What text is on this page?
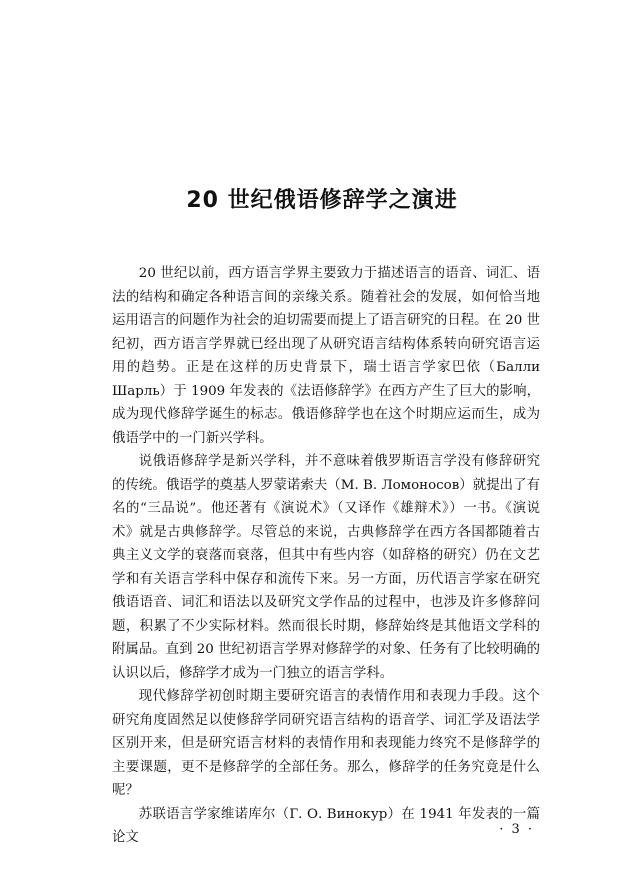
20 世纪俄语修辞学之演进

20 世纪以前，西方语言学界主要致力于描述语言的语音、词汇、语法的结构和确定各种语言间的亲缘关系。随着社会的发展，如何恰当地运用语言的问题作为社会的迫切需要而提上了语言研究的日程。在 20 世纪初，西方语言学界就已经出现了从研究语言结构体系转向研究语言运用的趋势。正是在这样的历史背景下，瑞士语言学家巴依（Балли Шарль）于 1909 年发表的《法语修辞学》在西方产生了巨大的影响，成为现代修辞学诞生的标志。俄语修辞学也在这个时期应运而生，成为俄语学中的一门新兴学科。

说俄语修辞学是新兴学科，并不意味着俄罗斯语言学没有修辞研究的传统。俄语学的奠基人罗蒙诺索夫（М. В. Ломоносов）就提出了有名的“三品说”。他还著有《演说术》（又译作《雄辩术》）一书。《演说术》就是古典修辞学。尽管总的来说，古典修辞学在西方各国都随着古典主义文学的衰落而衰落，但其中有些内容（如辞格的研究）仍在文艺学和有关语言学科中保存和流传下来。另一方面，历代语言学家在研究俄语语音、词汇和语法以及研究文学作品的过程中，也涉及许多修辞问题，积累了不少实际材料。然而很长时期，修辞始终是其他语文学科的附属品。直到 20 世纪初语言学界对修辞学的对象、任务有了比较明确的认识以后，修辞学才成为一门独立的语言学科。

现代修辞学初创时期主要研究语言的表情作用和表现力手段。这个研究角度固然足以使修辞学同研究语言结构的语音学、词汇学及语法学区别开来，但是研究语言材料的表情作用和表现能力终究不是修辞学的主要课题，更不是修辞学的全部任务。那么，修辞学的任务究竟是什么呢？

苏联语言学家维诺库尔（Г. О. Винокур）在 1941 年发表的一篇论文

· 3 ·
